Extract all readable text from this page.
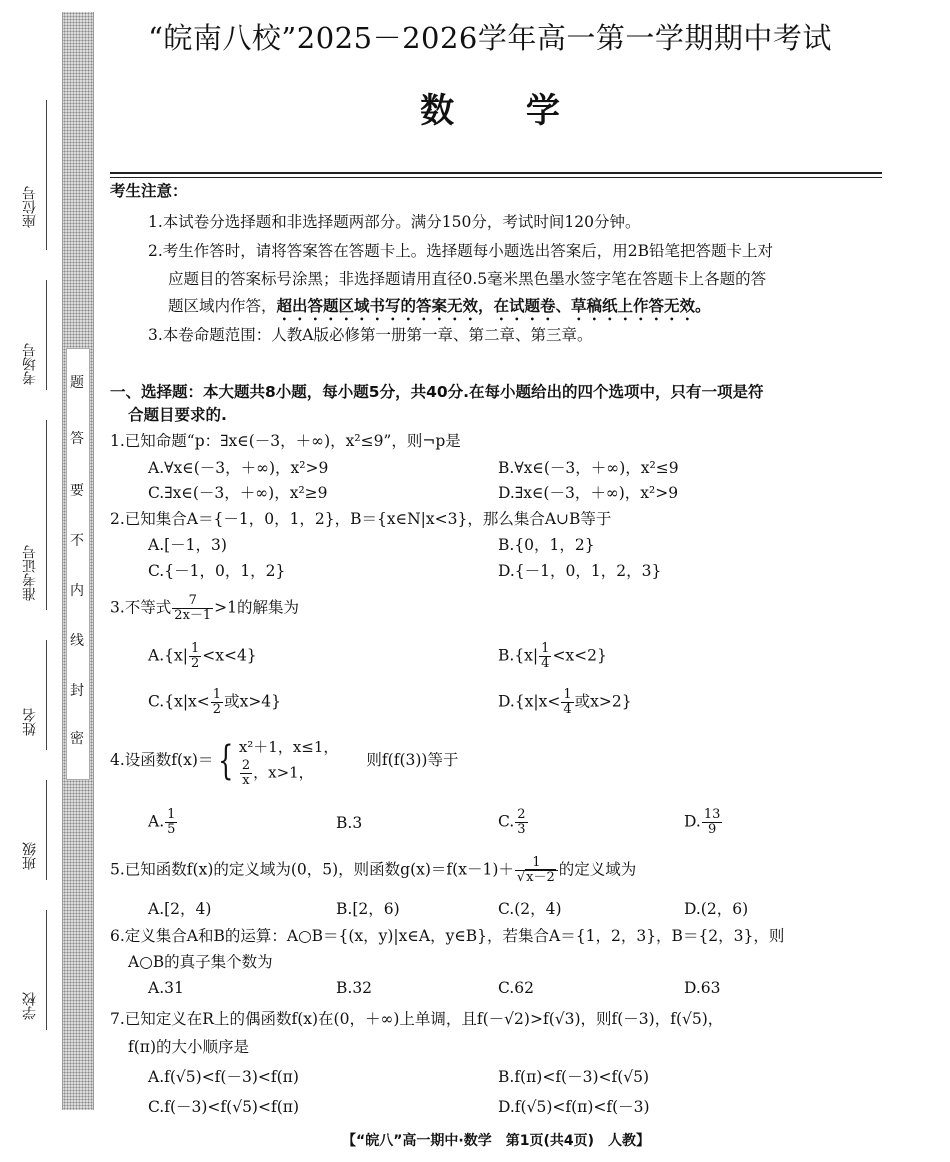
题
答
要
不
内
线
封
密
座位号
考场号
准考证号
姓名
班级
学校
“皖南八校”2025－2026学年高一第一学期期中考试
数 学
考生注意：
1.本试卷分选择题和非选择题两部分。满分150分，考试时间120分钟。
2.考生作答时，请将答案答在答题卡上。选择题每小题选出答案后，用2B铅笔把答题卡上对
应题目的答案标号涂黑；非选择题请用直径0.5毫米黑色墨水签字笔在答题卡上各题的答
题区域内作答，超出答题区域书写的答案无效，在试题卷、草稿纸上作答无效。
3.本卷命题范围：人教A版必修第一册第一章、第二章、第三章。
一、选择题：本大题共8小题，每小题5分，共40分.在每小题给出的四个选项中，只有一项是符
合题目要求的.
1.已知命题“p：∃x∈(－3，＋∞)，x²≤9”，则¬p是
A.∀x∈(－3，＋∞)，x²>9	B.∀x∈(－3，＋∞)，x²≤9
C.∃x∈(－3，＋∞)，x²≥9	D.∃x∈(－3，＋∞)，x²>9
2.已知集合A＝{－1，0，1，2}，B＝{x∈N|x<3}，那么集合A∪B等于
A.[－1，3)	B.{0，1，2}
C.{－1，0，1，2}	D.{－1，0，1，2，3}
3.不等式 $\frac{7}{2x-1} >1$的解集为
$A.\{x| \frac{1}{2} <x<4\}$	$B.\{x| \frac{1}{4} <x<2\}$
$C.\{x|x< \frac{1}{2}$ 或x>4}	$D.\{x|x< \frac{1}{4}$ 或x>2}
4.设函数f(x)＝ { x²＋1，x≤1，
$\frac{2}{x}$ ，x>1，
则f(f(3))等于
A. $\frac{1}{5}$	B.3	C. $\frac{2}{3}$	D. $\frac{13}{9}$
5.已知函数f(x)的定义域为(0，5)，则函数$g(x)=f(x-1)+ \frac{1}{√x-2}$ 的定义域为
A.[2，4)	B.[2，6)	C.(2，4)	D.(2，6)
6.定义集合A和B的运算：A○B＝{(x，y)|x∈A，y∈B}，若集合A＝{1，2，3}，B＝{2，3}，则
A○B的真子集个数为
A.31	B.32	C.62	D.63
7.已知定义在R上的偶函数f(x)在(0，＋∞)上单调，且f(－√2)>f(√3)，则f(－3)，f(√5)，
f(π)的大小顺序是
A.f(√5)<f(－3)<f(π)	B.f(π)<f(－3)<f(√5)
C.f(－3)<f(√5)<f(π)	D.f(√5)<f(π)<f(－3)
【“皖八”高一期中·数学　第1页(共4页)　人教】
